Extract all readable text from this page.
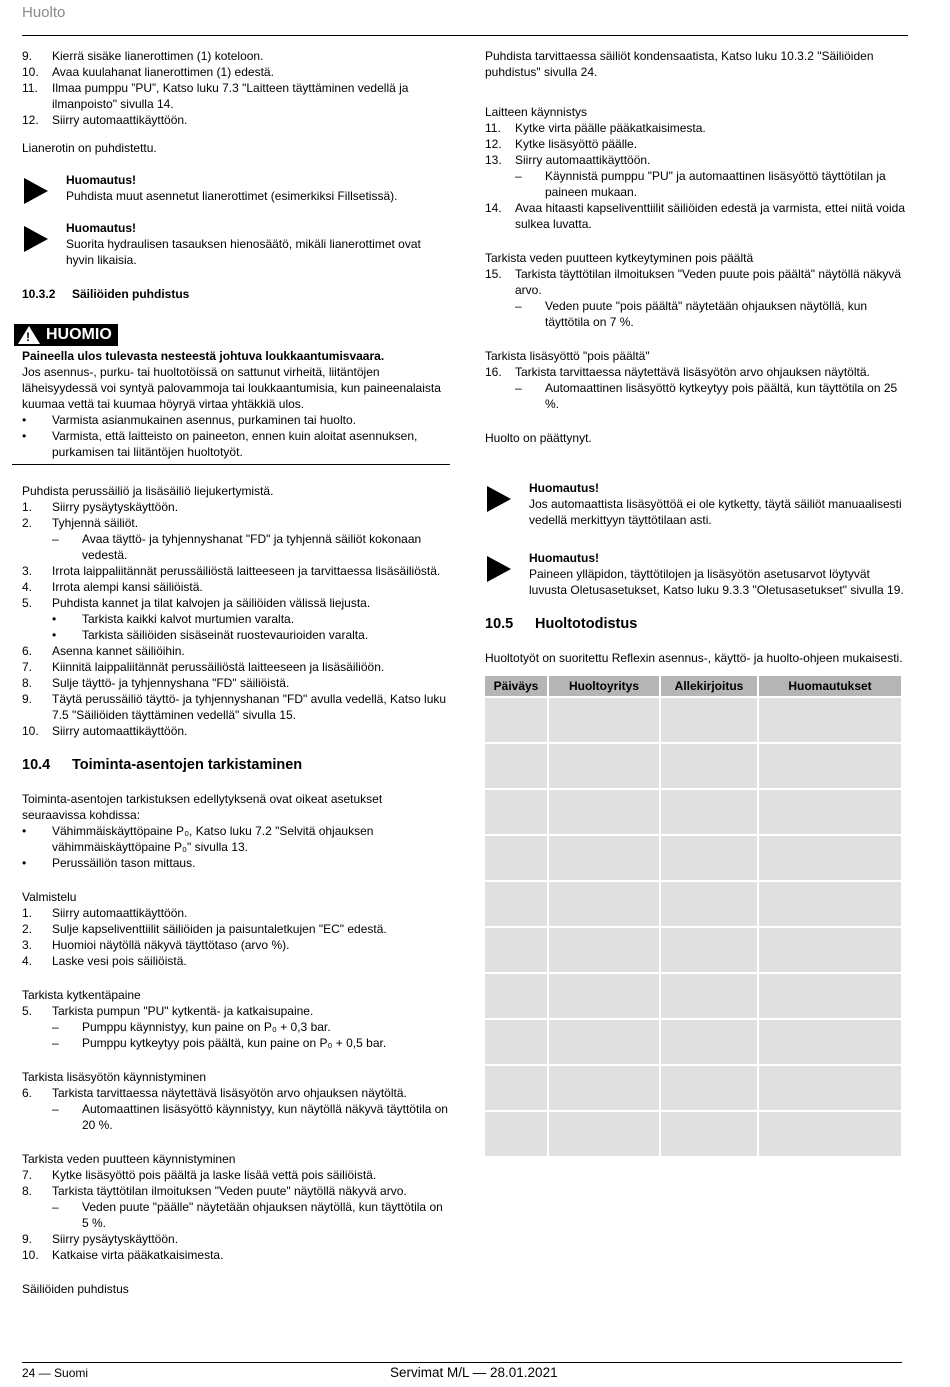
Huolto
9.	Kierrä sisäke lianerottimen (1) koteloon.
10.	Avaa kuulahanat lianerottimen (1) edestä.
11.	Ilmaa pumppu ”PU”, Katso luku 7.3 "Laitteen täyttäminen vedellä ja ilmanpoisto" sivulla 14.
12.	Siirry automaattikäyttöön.

Lianerotin on puhdistettu.

Huomautus!
Puhdista muut asennetut lianerottimet (esimerkiksi Fillsetissä).
Huomautus!
Suorita hydraulisen tasauksen hienosäätö, mikäli lianerottimet ovat hyvin likaisia.
10.3.2	Säiliöiden puhdistus
! HUOMIO
Paineella ulos tulevasta nesteestä johtuva loukkaantumisvaara.
Jos asennus-, purku- tai huoltotöissä on sattunut virheitä, liitäntöjen läheisyydessä voi syntyä palovammoja tai loukkaantumisia, kun paineenalaista kuumaa vettä tai kuumaa höyryä virtaa yhtäkkiä ulos.
•	Varmista asianmukainen asennus, purkaminen tai huolto.
•	Varmista, että laitteisto on paineeton, ennen kuin aloitat asennuksen, purkamisen tai liitäntöjen huoltotyöt.

Puhdista perussäiliö ja lisäsäiliö liejukertymistä.

1.	Siirry pysäytyskäyttöön.
2.	Tyhjennä säiliöt.
–	Avaa täyttö- ja tyhjennyshanat "FD" ja tyhjennä säiliöt kokonaan vedestä.
3.	Irrota laippaliitännät perussäiliöstä laitteeseen ja tarvittaessa lisäsäiliöstä.
4.	Irrota alempi kansi säiliöistä.
5.	Puhdista kannet ja tilat kalvojen ja säiliöiden välissä liejusta.
•	Tarkista kaikki kalvot murtumien varalta.
•	Tarkista säiliöiden sisäseinät ruostevaurioiden varalta.
6.	Asenna kannet säiliöihin.
7.	Kiinnitä laippaliitännät perussäiliöstä laitteeseen ja lisäsäiliöön.
8.	Sulje täyttö- ja tyhjennyshana "FD" säiliöistä.
9.	Täytä perussäiliö täyttö- ja tyhjennyshanan "FD" avulla vedellä, Katso luku 7.5 "Säiliöiden täyttäminen vedellä" sivulla 15.
10.	Siirry automaattikäyttöön.
10.4	Toiminta-asentojen tarkistaminen

Toiminta-asentojen tarkistuksen edellytyksenä ovat oikeat asetukset seuraavissa kohdissa:

•	Vähimmäiskäyttöpaine P₀, Katso luku 7.2 "Selvitä ohjauksen vähimmäiskäyttöpaine P₀" sivulla 13.
•	Perussäiliön tason mittaus.

Valmistelu

1.	Siirry automaattikäyttöön.
2.	Sulje kapseliventtiilit säiliöiden ja paisuntaletkujen "EC" edestä.
3.	Huomioi näytöllä näkyvä täyttötaso (arvo %).
4.	Laske vesi pois säiliöistä.

Tarkista kytkentäpaine

5.	Tarkista pumpun "PU" kytkentä- ja katkaisupaine.
–	Pumppu käynnistyy, kun paine on P₀ + 0,3 bar.
–	Pumppu kytkeytyy pois päältä, kun paine on P₀ + 0,5 bar.

Tarkista lisäsyötön käynnistyminen

6.	Tarkista tarvittaessa näytettävä lisäsyötön arvo ohjauksen näytöltä.
–	Automaattinen lisäsyöttö käynnistyy, kun näytöllä näkyvä täyttötila on 20 %.

Tarkista veden puutteen käynnistyminen

7.	Kytke lisäsyöttö pois päältä ja laske lisää vettä pois säiliöistä.
8.	Tarkista täyttötilan ilmoituksen "Veden puute" näytöllä näkyvä arvo.
–	Veden puute "päälle" näytetään ohjauksen näytöllä, kun täyttötila on 5 %.
9.	Siirry pysäytyskäyttöön.
10.	Katkaise virta pääkatkaisimesta.

Säiliöiden puhdistus

Puhdista tarvittaessa säiliöt kondensaatista, Katso luku 10.3.2 "Säiliöiden puhdistus" sivulla 24.

Laitteen käynnistys

11.	Kytke virta päälle pääkatkaisimesta.
12.	Kytke lisäsyöttö päälle.
13.	Siirry automaattikäyttöön.
–	Käynnistä pumppu "PU" ja automaattinen lisäsyöttö täyttötilan ja paineen mukaan.
14.	Avaa hitaasti kapseliventtiilit säiliöiden edestä ja varmista, ettei niitä voida sulkea luvatta.

Tarkista veden puutteen kytkeytyminen pois päältä

15.	Tarkista täyttötilan ilmoituksen "Veden puute pois päältä" näytöllä näkyvä arvo.
–	Veden puute "pois päältä" näytetään ohjauksen näytöllä, kun täyttötila on 7 %.

Tarkista lisäsyöttö "pois päältä"

16.	Tarkista tarvittaessa näytettävä lisäsyötön arvo ohjauksen näytöltä.
–	Automaattinen lisäsyöttö kytkeytyy pois päältä, kun täyttötila on 25 %.

Huolto on päättynyt.

Huomautus!
Jos automaattista lisäsyöttöä ei ole kytketty, täytä säiliöt manuaalisesti vedellä merkittyyn täyttötilaan asti.
Huomautus!
Paineen ylläpidon, täyttötilojen ja lisäsyötön asetusarvot löytyvät luvusta Oletusasetukset, Katso luku 9.3.3 "Oletusasetukset" sivulla 19.
10.5	Huoltotodistus

Huoltotyöt on suoritettu Reflexin asennus-, käyttö- ja huolto-ohjeen mukaisesti.

Päiväys	Huoltoyritys	Allekirjoitus	Huomautukset

24 — Suomi	Servimat M/L — 28.01.2021
